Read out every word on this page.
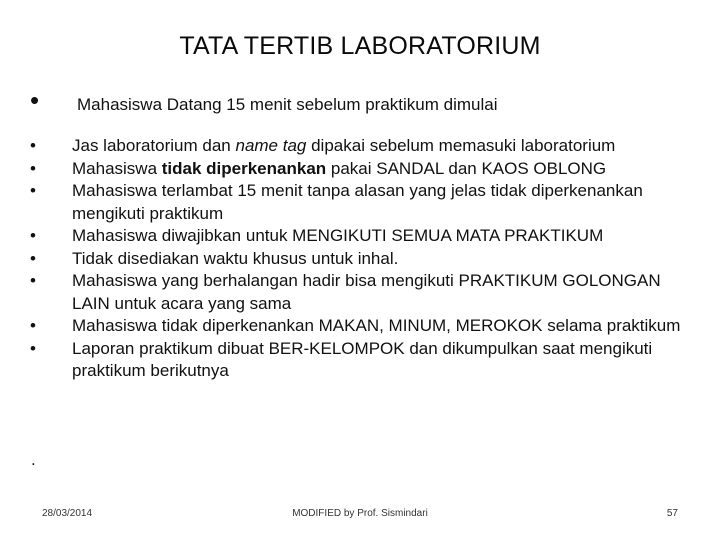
TATA TERTIB LABORATORIUM
• Mahasiswa Datang 15 menit sebelum praktikum dimulai
•	Jas laboratorium dan name tag dipakai sebelum memasuki laboratorium
•	Mahasiswa tidak diperkenankan pakai SANDAL dan KAOS OBLONG
•	Mahasiswa terlambat 15 menit tanpa alasan yang jelas tidak diperkenankan mengikuti praktikum
•	Mahasiswa diwajibkan untuk MENGIKUTI SEMUA MATA PRAKTIKUM
•	Tidak disediakan waktu khusus untuk inhal.
•	Mahasiswa yang berhalangan hadir bisa mengikuti PRAKTIKUM GOLONGAN LAIN untuk acara yang sama
•	Mahasiswa tidak diperkenankan MAKAN, MINUM, MEROKOK selama praktikum
•	Laporan praktikum dibuat BER-KELOMPOK dan dikumpulkan saat mengikuti praktikum berikutnya
.
28/03/2014	MODIFIED by Prof. Sismindari	57
